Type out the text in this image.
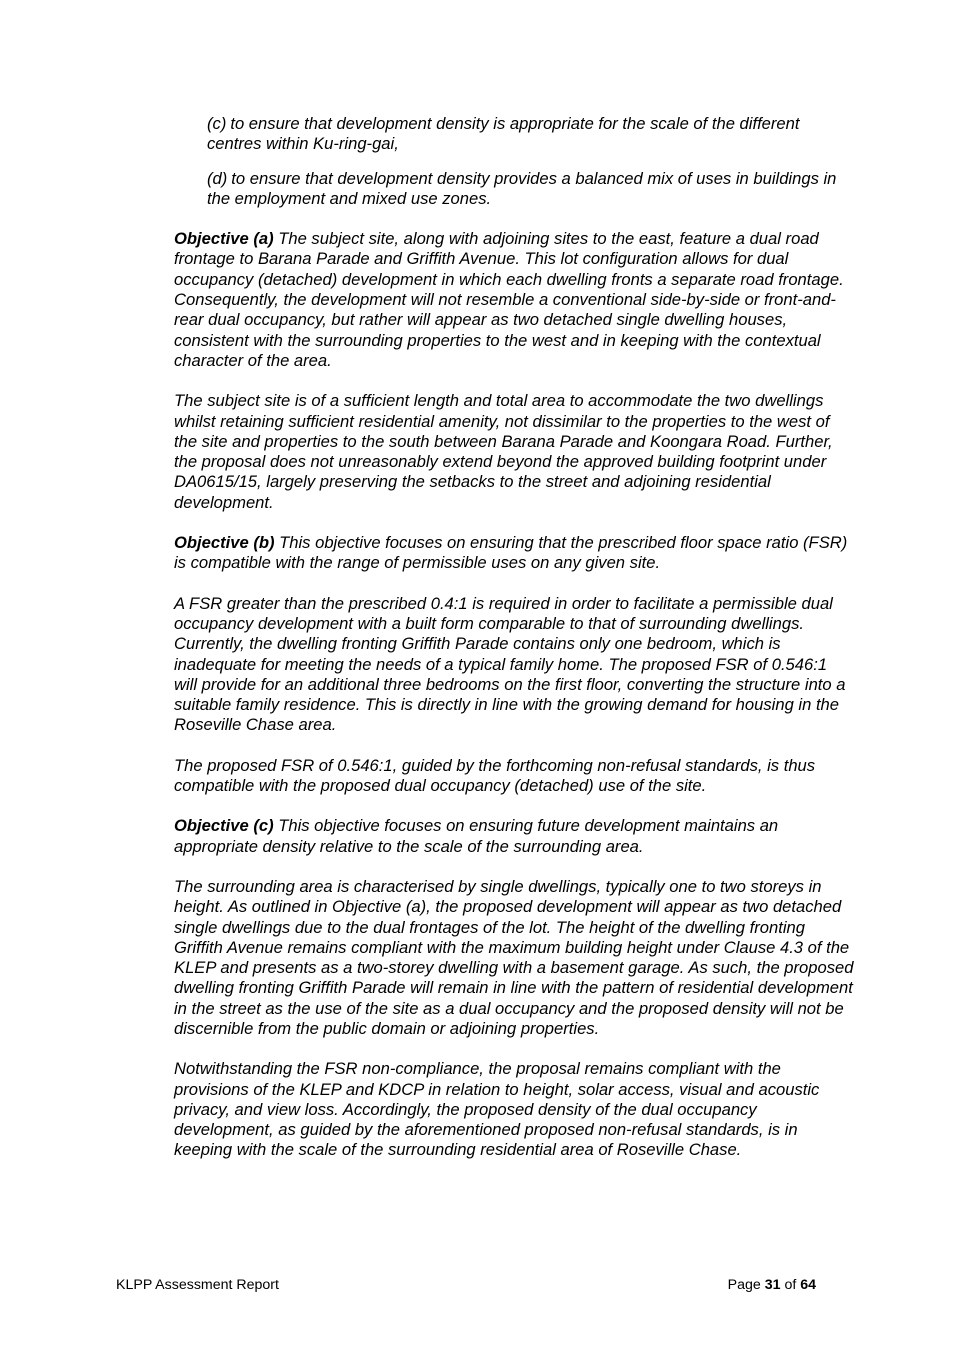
(c) to ensure that development density is appropriate for the scale of the different centres within Ku-ring-gai,
(d) to ensure that development density provides a balanced mix of uses in buildings in the employment and mixed use zones.

Objective (a) The subject site, along with adjoining sites to the east, feature a dual road frontage to Barana Parade and Griffith Avenue. This lot configuration allows for dual occupancy (detached) development in which each dwelling fronts a separate road frontage. Consequently, the development will not resemble a conventional side-by-side or front-and-rear dual occupancy, but rather will appear as two detached single dwelling houses, consistent with the surrounding properties to the west and in keeping with the contextual character of the area.

The subject site is of a sufficient length and total area to accommodate the two dwellings whilst retaining sufficient residential amenity, not dissimilar to the properties to the west of the site and properties to the south between Barana Parade and Koongara Road. Further, the proposal does not unreasonably extend beyond the approved building footprint under DA0615/15, largely preserving the setbacks to the street and adjoining residential development.

Objective (b) This objective focuses on ensuring that the prescribed floor space ratio (FSR) is compatible with the range of permissible uses on any given site.

A FSR greater than the prescribed 0.4:1 is required in order to facilitate a permissible dual occupancy development with a built form comparable to that of surrounding dwellings. Currently, the dwelling fronting Griffith Parade contains only one bedroom, which is inadequate for meeting the needs of a typical family home. The proposed FSR of 0.546:1 will provide for an additional three bedrooms on the first floor, converting the structure into a suitable family residence. This is directly in line with the growing demand for housing in the Roseville Chase area.

The proposed FSR of 0.546:1, guided by the forthcoming non-refusal standards, is thus compatible with the proposed dual occupancy (detached) use of the site.

Objective (c) This objective focuses on ensuring future development maintains an appropriate density relative to the scale of the surrounding area.

The surrounding area is characterised by single dwellings, typically one to two storeys in height. As outlined in Objective (a), the proposed development will appear as two detached single dwellings due to the dual frontages of the lot. The height of the dwelling fronting Griffith Avenue remains compliant with the maximum building height under Clause 4.3 of the KLEP and presents as a two-storey dwelling with a basement garage. As such, the proposed dwelling fronting Griffith Parade will remain in line with the pattern of residential development in the street as the use of the site as a dual occupancy and the proposed density will not be discernible from the public domain or adjoining properties.

Notwithstanding the FSR non-compliance, the proposal remains compliant with the provisions of the KLEP and KDCP in relation to height, solar access, visual and acoustic privacy, and view loss. Accordingly, the proposed density of the dual occupancy development, as guided by the aforementioned proposed non-refusal standards, is in keeping with the scale of the surrounding residential area of Roseville Chase.

KLPP Assessment Report	Page 31 of 64
